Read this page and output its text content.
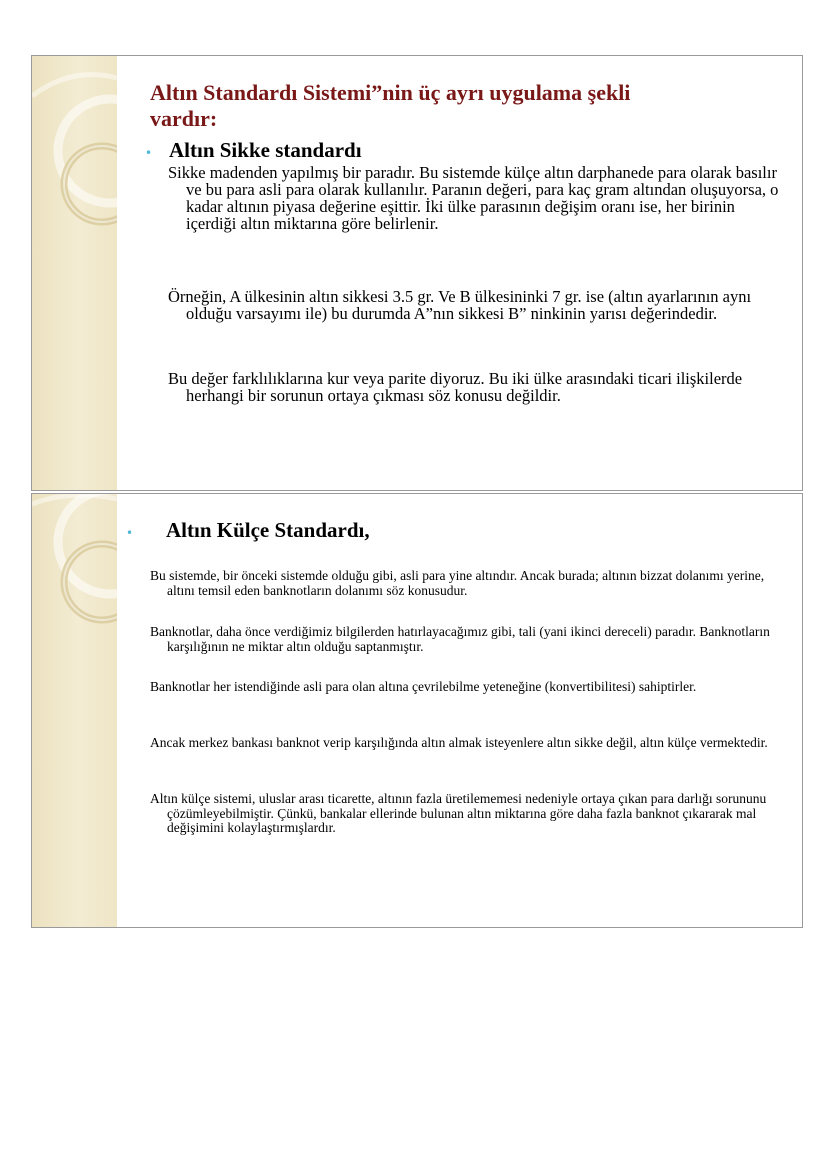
Altın Standardı Sistemi”nin üç ayrı uygulama şekli vardır:
• Altın Sikke standardı

Sikke madenden yapılmış bir paradır. Bu sistemde külçe altın darphanede para olarak basılır ve bu para asli para olarak kullanılır. Paranın değeri, para kaç gram altından oluşuyorsa, o kadar altının piyasa değerine eşittir. İki ülke parasının değişim oranı ise, her birinin içerdiği altın miktarına göre belirlenir.

Örneğin, A ülkesinin altın sikkesi 3.5 gr. Ve B ülkesininki 7 gr. ise (altın ayarlarının aynı olduğu varsayımı ile) bu durumda A”nın sikkesi B” ninkinin yarısı değerindedir.

Bu değer farklılıklarına kur veya parite diyoruz. Bu iki ülke arasındaki ticari ilişkilerde herhangi bir sorunun ortaya çıkması söz konusu değildir.

•	Altın Külçe Standardı,

Bu sistemde, bir önceki sistemde olduğu gibi, asli para yine altındır. Ancak burada; altının bizzat dolanımı yerine, altını temsil eden banknotların dolanımı söz konusudur.

Banknotlar, daha önce verdiğimiz bilgilerden hatırlayacağımız gibi, tali (yani ikinci dereceli) paradır. Banknotların karşılığının ne miktar altın olduğu saptanmıştır.

Banknotlar her istendiğinde asli para olan altına çevrilebilme yeteneğine (konvertibilitesi) sahiptirler.

Ancak merkez bankası banknot verip karşılığında altın almak isteyenlere altın sikke değil, altın külçe vermektedir.

Altın külçe sistemi, uluslar arası ticarette, altının fazla üretilememesi nedeniyle ortaya çıkan para darlığı sorununu çözümleyebilmiştir. Çünkü, bankalar ellerinde bulunan altın miktarına göre daha fazla banknot çıkararak mal değişimini kolaylaştırmışlardır.
